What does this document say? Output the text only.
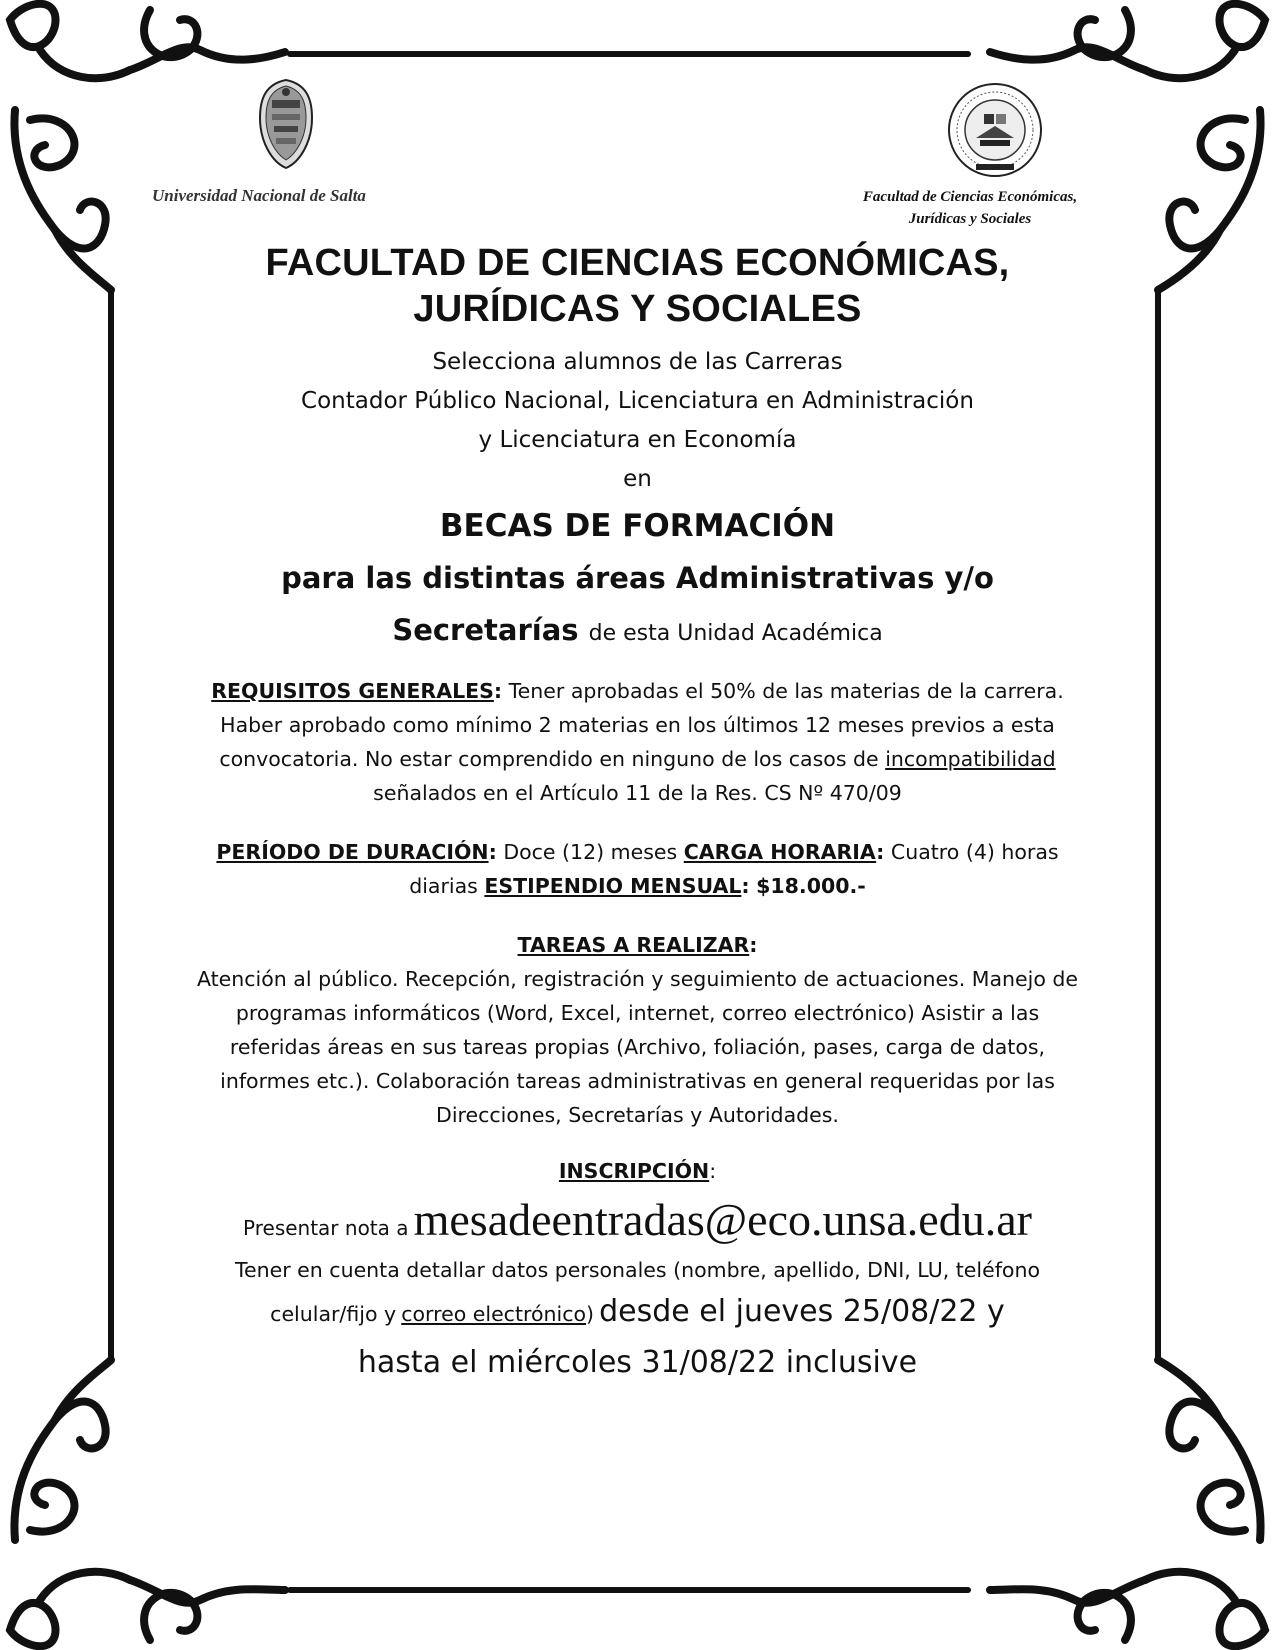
Universidad Nacional de Salta	Facultad de Ciencias Económicas,
Jurídicas y Sociales
FACULTAD DE CIENCIAS ECONÓMICAS,
JURÍDICAS Y SOCIALES
Selecciona alumnos de las Carreras
Contador Público Nacional, Licenciatura en Administración
y Licenciatura en Economía
en
BECAS DE FORMACIÓN
para las distintas áreas Administrativas y/o
Secretarías de esta Unidad Académica
REQUISITOS GENERALES: Tener aprobadas el 50% de las materias de la carrera.
Haber aprobado como mínimo 2 materias en los últimos 12 meses previos a esta
convocatoria. No estar comprendido en ninguno de los casos de incompatibilidad
señalados en el Artículo 11 de la Res. CS Nº 470/09
PERÍODO DE DURACIÓN: Doce (12) meses CARGA HORARIA: Cuatro (4) horas
diarias ESTIPENDIO MENSUAL: $18.000.-
TAREAS A REALIZAR:
Atención al público. Recepción, registración y seguimiento de actuaciones. Manejo de
programas informáticos (Word, Excel, internet, correo electrónico) Asistir a las
referidas áreas en sus tareas propias (Archivo, foliación, pases, carga de datos,
informes etc.). Colaboración tareas administrativas en general requeridas por las
Direcciones, Secretarías y Autoridades.
INSCRIPCIÓN:
Presentar nota a mesadeentradas@eco.unsa.edu.ar
Tener en cuenta detallar datos personales (nombre, apellido, DNI, LU, teléfono
celular/fijo y correo electrónico) desde el jueves 25/08/22 y
hasta el miércoles 31/08/22 inclusive
